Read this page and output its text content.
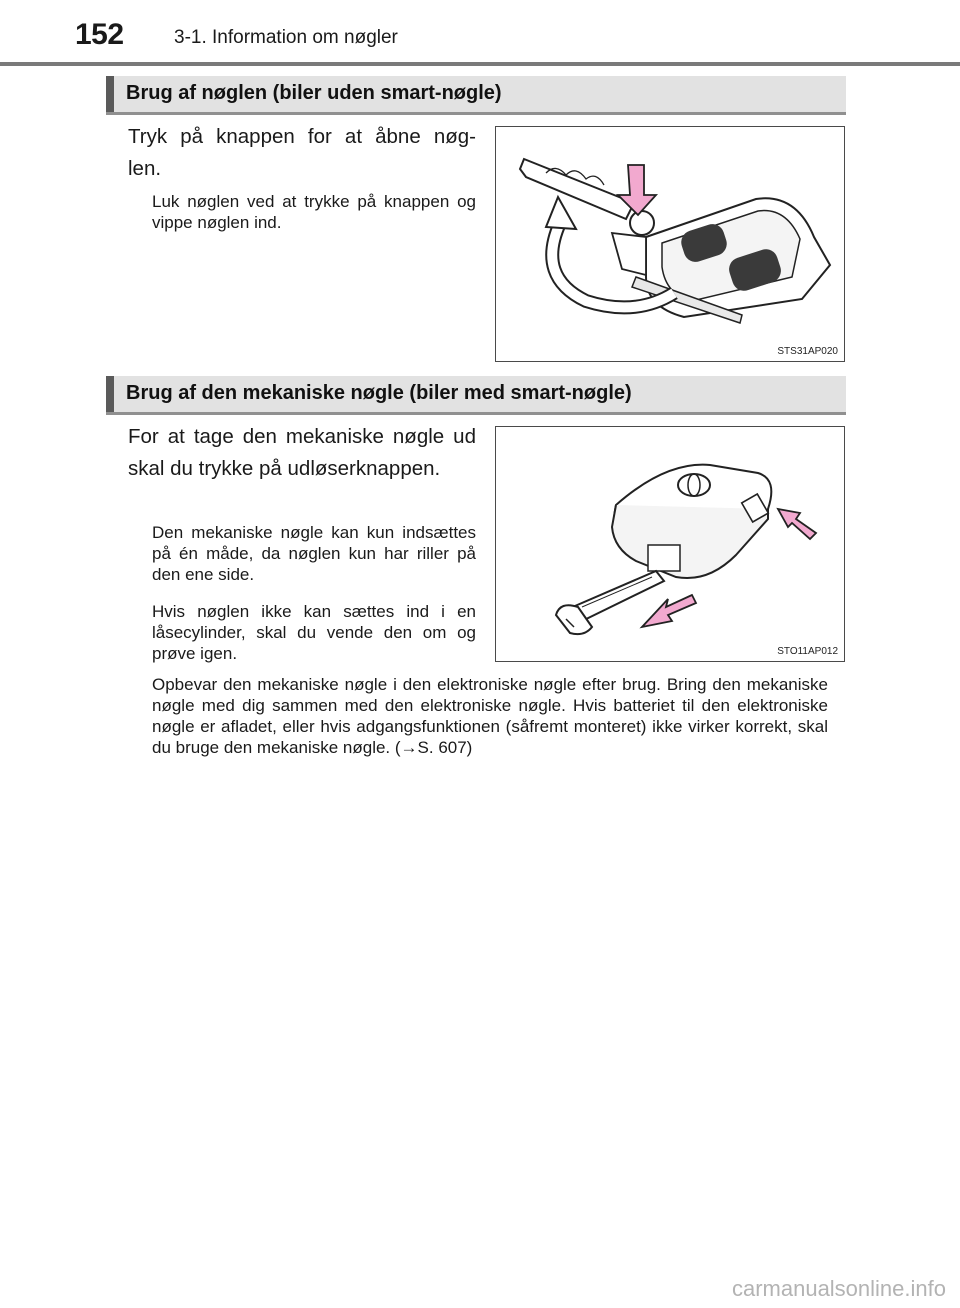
152	3-1. Information om nøgler
Brug af nøglen (biler uden smart-nøgle)
Tryk på knappen for at åbne nøg-
len.
Luk nøglen ved at trykke på knappen og vippe nøglen ind.
STS31AP020
Brug af den mekaniske nøgle (biler med smart-nøgle)
For at tage den mekaniske nøgle ud skal du trykke på udløserknappen.
Den mekaniske nøgle kan kun indsættes på én måde, da nøglen kun har riller på den ene side.
Hvis nøglen ikke kan sættes ind i en låsecylinder, skal du vende den om og prøve igen.	STO11AP012
Opbevar den mekaniske nøgle i den elektroniske nøgle efter brug. Bring den mekaniske nøgle med dig sammen med den elektroniske nøgle. Hvis batteriet til den elektroniske nøgle er afladet, eller hvis adgangsfunktionen (såfremt monteret) ikke virker korrekt, skal du bruge den mekaniske nøgle. (→S. 607)
carmanualsonline.info
